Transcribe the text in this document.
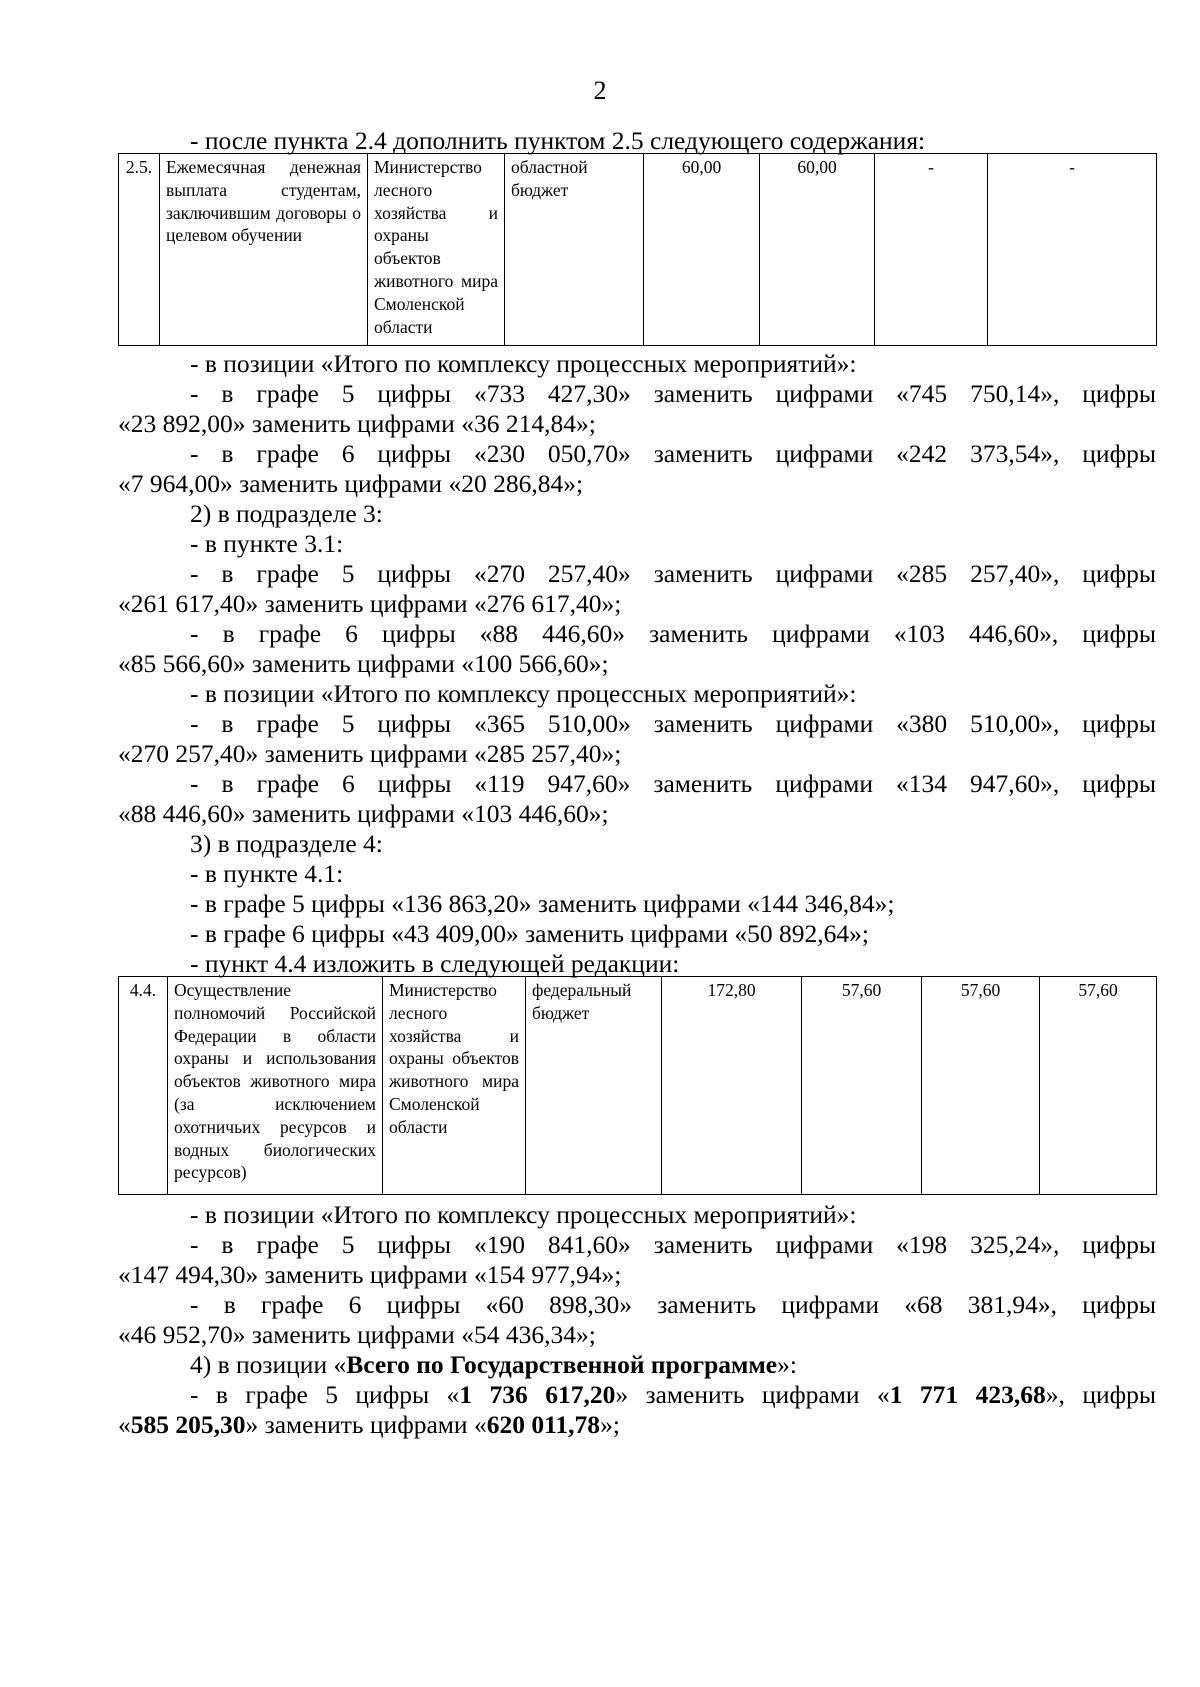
2
- после пункта 2.4 дополнить пунктом 2.5 следующего содержания:
2.5.	Ежемесячная денежная выплата студентам, заключившим договоры о целевом обучении	Министерство лесного хозяйства и охраны объектов животного мира Смоленской области	областной бюджет	60,00	60,00	-	-
- в позиции «Итого по комплексу процессных мероприятий»:
- в графе 5 цифры «733 427,30» заменить цифрами «745 750,14», цифры
«23 892,00» заменить цифрами «36 214,84»;
- в графе 6 цифры «230 050,70» заменить цифрами «242 373,54», цифры
«7 964,00» заменить цифрами «20 286,84»;
2) в подразделе 3:
- в пункте 3.1:
- в графе 5 цифры «270 257,40» заменить цифрами «285 257,40», цифры
«261 617,40» заменить цифрами «276 617,40»;
- в графе 6 цифры «88 446,60» заменить цифрами «103 446,60», цифры
«85 566,60» заменить цифрами «100 566,60»;
- в позиции «Итого по комплексу процессных мероприятий»:
- в графе 5 цифры «365 510,00» заменить цифрами «380 510,00», цифры
«270 257,40» заменить цифрами «285 257,40»;
- в графе 6 цифры «119 947,60» заменить цифрами «134 947,60», цифры
«88 446,60» заменить цифрами «103 446,60»;
3) в подразделе 4:
- в пункте 4.1:
- в графе 5 цифры «136 863,20» заменить цифрами «144 346,84»;
- в графе 6 цифры «43 409,00» заменить цифрами «50 892,64»;
- пункт 4.4 изложить в следующей редакции:
4.4.	Осуществление полномочий Российской Федерации в области охраны и использования объектов животного мира (за исключением охотничьих ресурсов и водных биологических ресурсов)	Министерство лесного хозяйства и охраны объектов животного мира Смоленской области	федеральный бюджет	172,80	57,60	57,60	57,60
- в позиции «Итого по комплексу процессных мероприятий»:
- в графе 5 цифры «190 841,60» заменить цифрами «198 325,24», цифры
«147 494,30» заменить цифрами «154 977,94»;
- в графе 6 цифры «60 898,30» заменить цифрами «68 381,94», цифры
«46 952,70» заменить цифрами «54 436,34»;
4) в позиции «Всего по Государственной программе»:
- в графе 5 цифры «1 736 617,20» заменить цифрами «1 771 423,68», цифры
«585 205,30» заменить цифрами «620 011,78»;
